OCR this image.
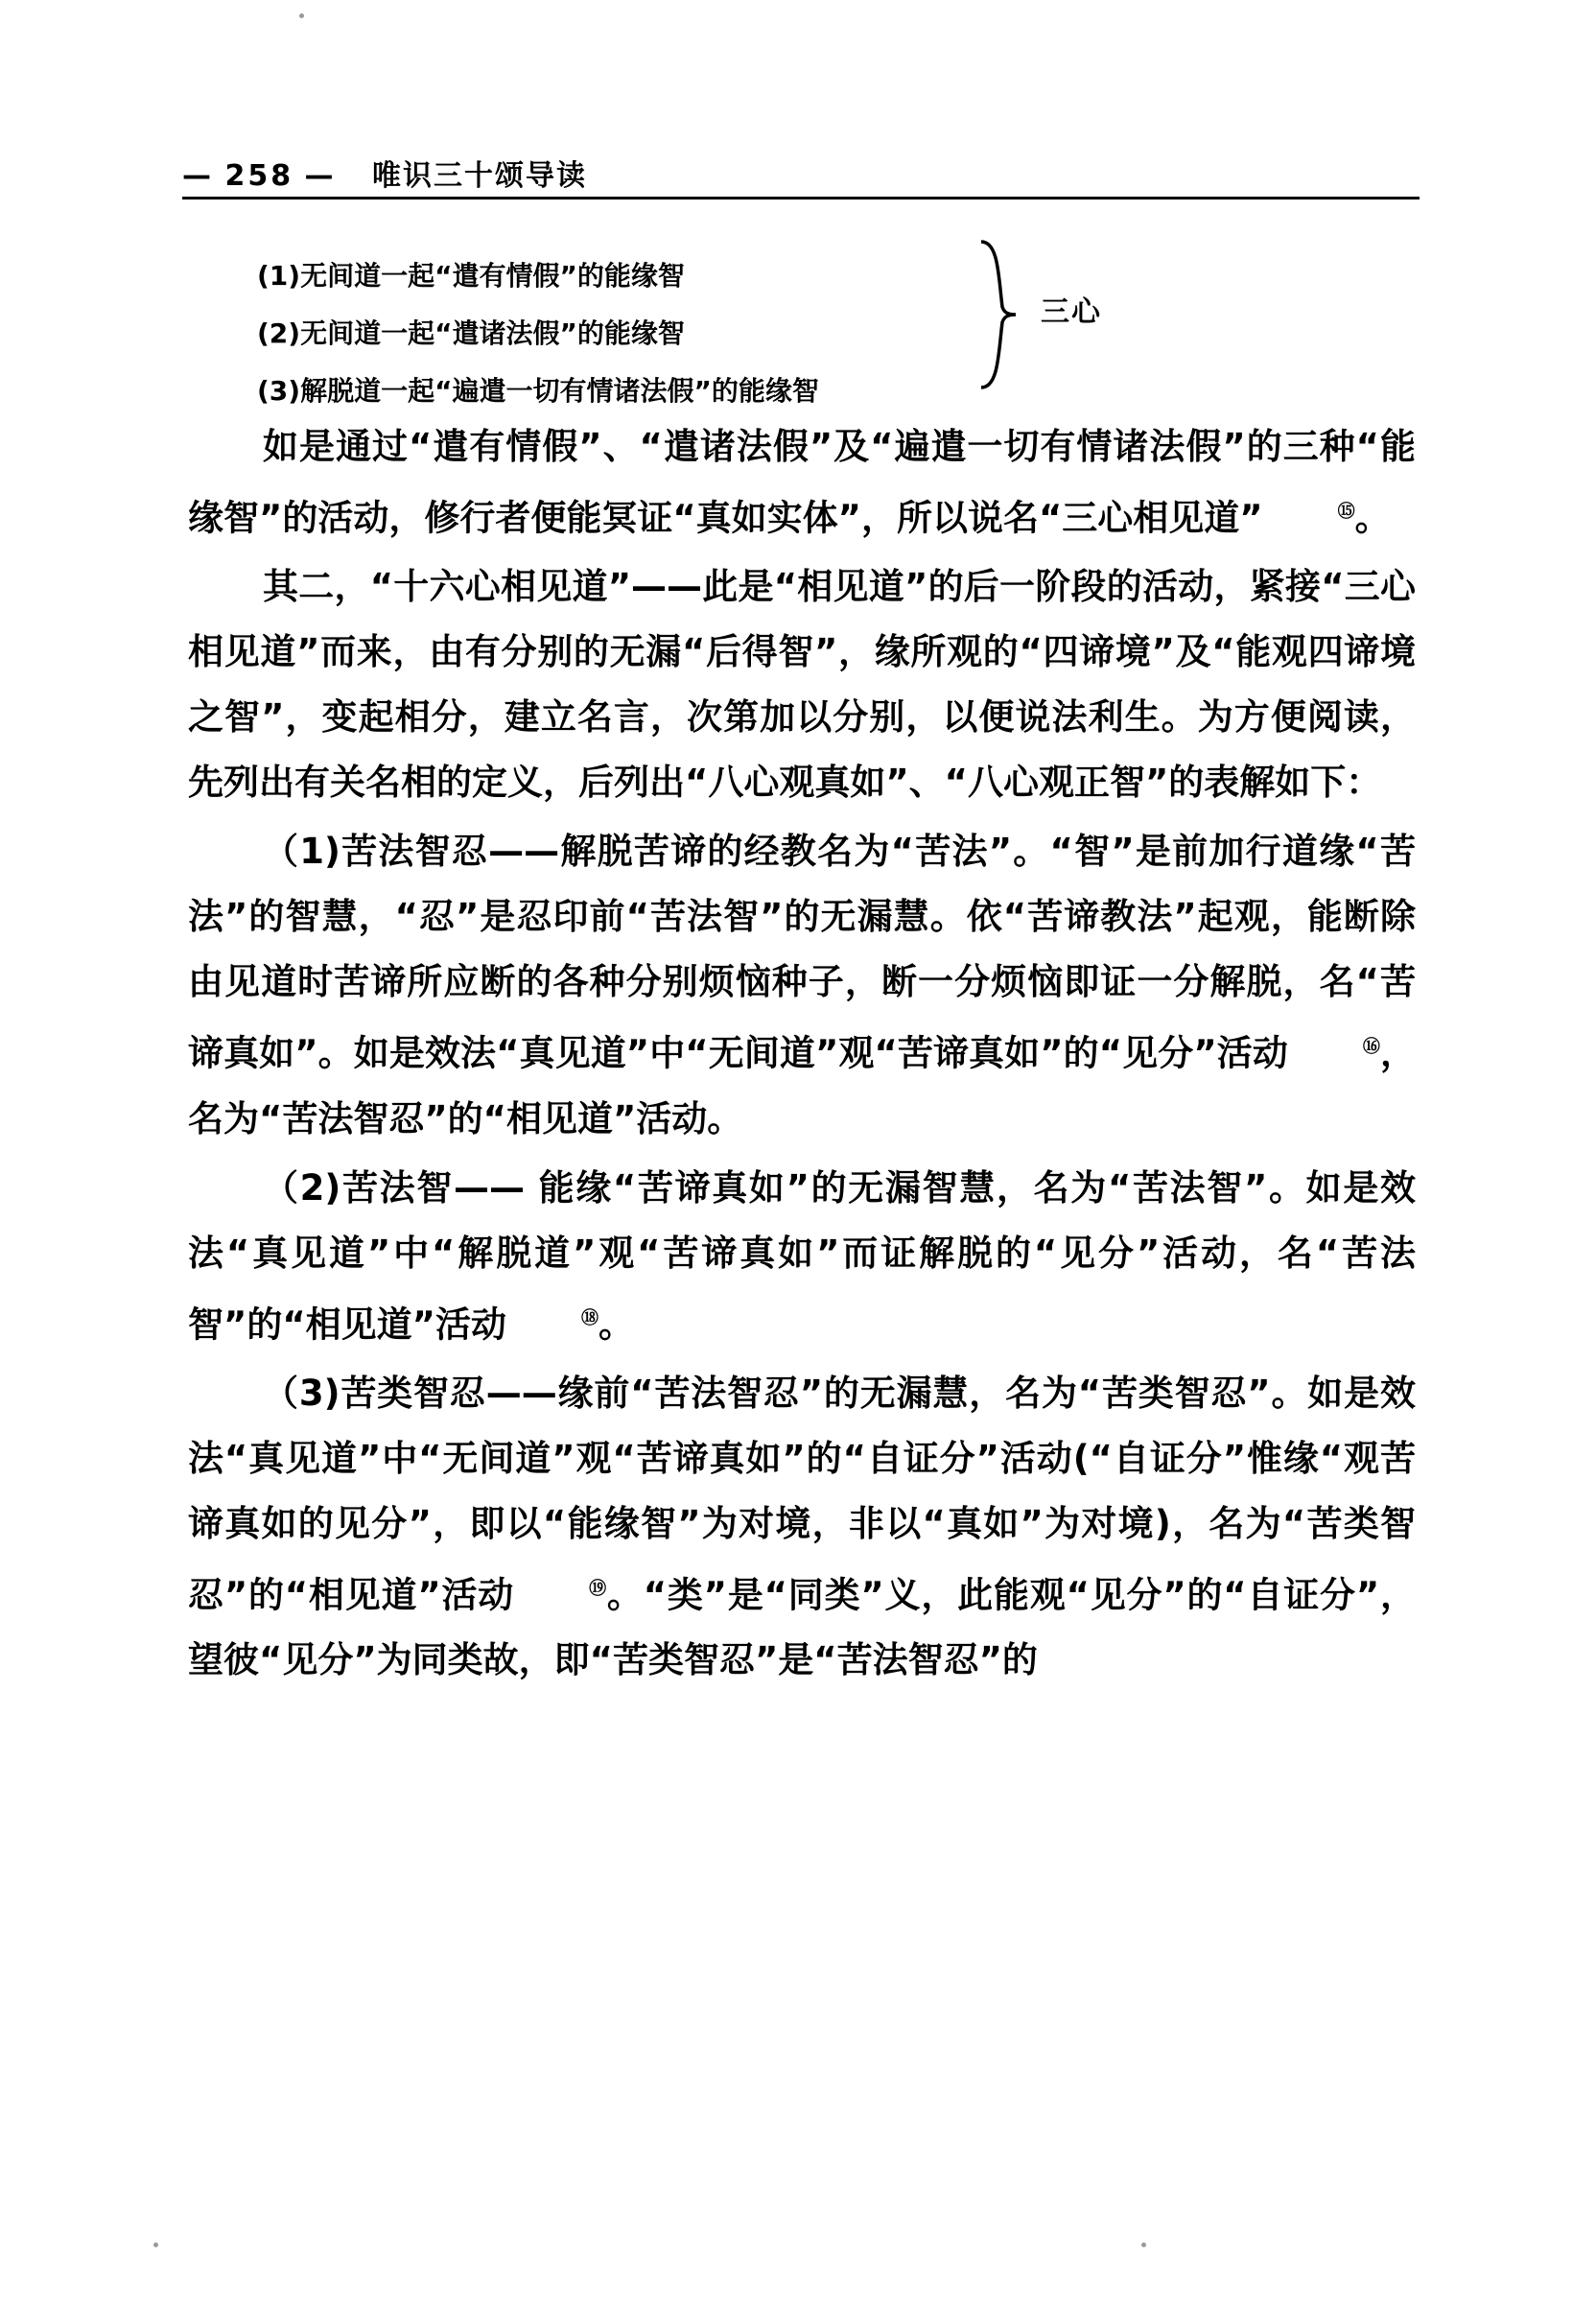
— 258 — 唯识三十颂导读
(1)无间道一起“遣有情假”的能缘智
(2)无间道一起“遣诸法假”的能缘智
(3)解脱道一起“遍遣一切有情诸法假”的能缘智
三心

如是通过“遣有情假”、“遣诸法假”及“遍遣一切有情诸法假”的三种“能缘智”的活动，修行者便能冥证“真如实体”，所以说名“三心相见道”	⑮。

其二，“十六心相见道”——此是“相见道”的后一阶段的活动，紧接“三心相见道”而来，由有分别的无漏“后得智”，缘所观的“四谛境”及“能观四谛境之智”，变起相分，建立名言，次第加以分别，以便说法利生。为方便阅读，先列出有关名相的定义，后列出“八心观真如”、“八心观正智”的表解如下：

（1)苦法智忍——解脱苦谛的经教名为“苦法”。“智”是前加行道缘“苦法”的智慧，“忍”是忍印前“苦法智”的无漏慧。依“苦谛教法”起观，能断除由见道时苦谛所应断的各种分别烦恼种子，断一分烦恼即证一分解脱，名“苦谛真如”。如是效法“真见道”中“无间道”观“苦谛真如”的“见分”活动	⑯，名为“苦法智忍”的“相见道”活动。

（2)苦法智—— 能缘“苦谛真如”的无漏智慧，名为“苦法智”。如是效法“真见道”中“解脱道”观“苦谛真如”而证解脱的“见分”活动，名“苦法智”的“相见道”活动	⑱。

（3)苦类智忍——缘前“苦法智忍”的无漏慧，名为“苦类智忍”。如是效法“真见道”中“无间道”观“苦谛真如”的“自证分”活动(“自证分”惟缘“观苦谛真如的见分”，即以“能缘智”为对境，非以“真如”为对境)，名为“苦类智忍”的“相见道”活动	⑲。“类”是“同类”义，此能观“见分”的“自证分”，望彼“见分”为同类故，即“苦类智忍”是“苦法智忍”的
